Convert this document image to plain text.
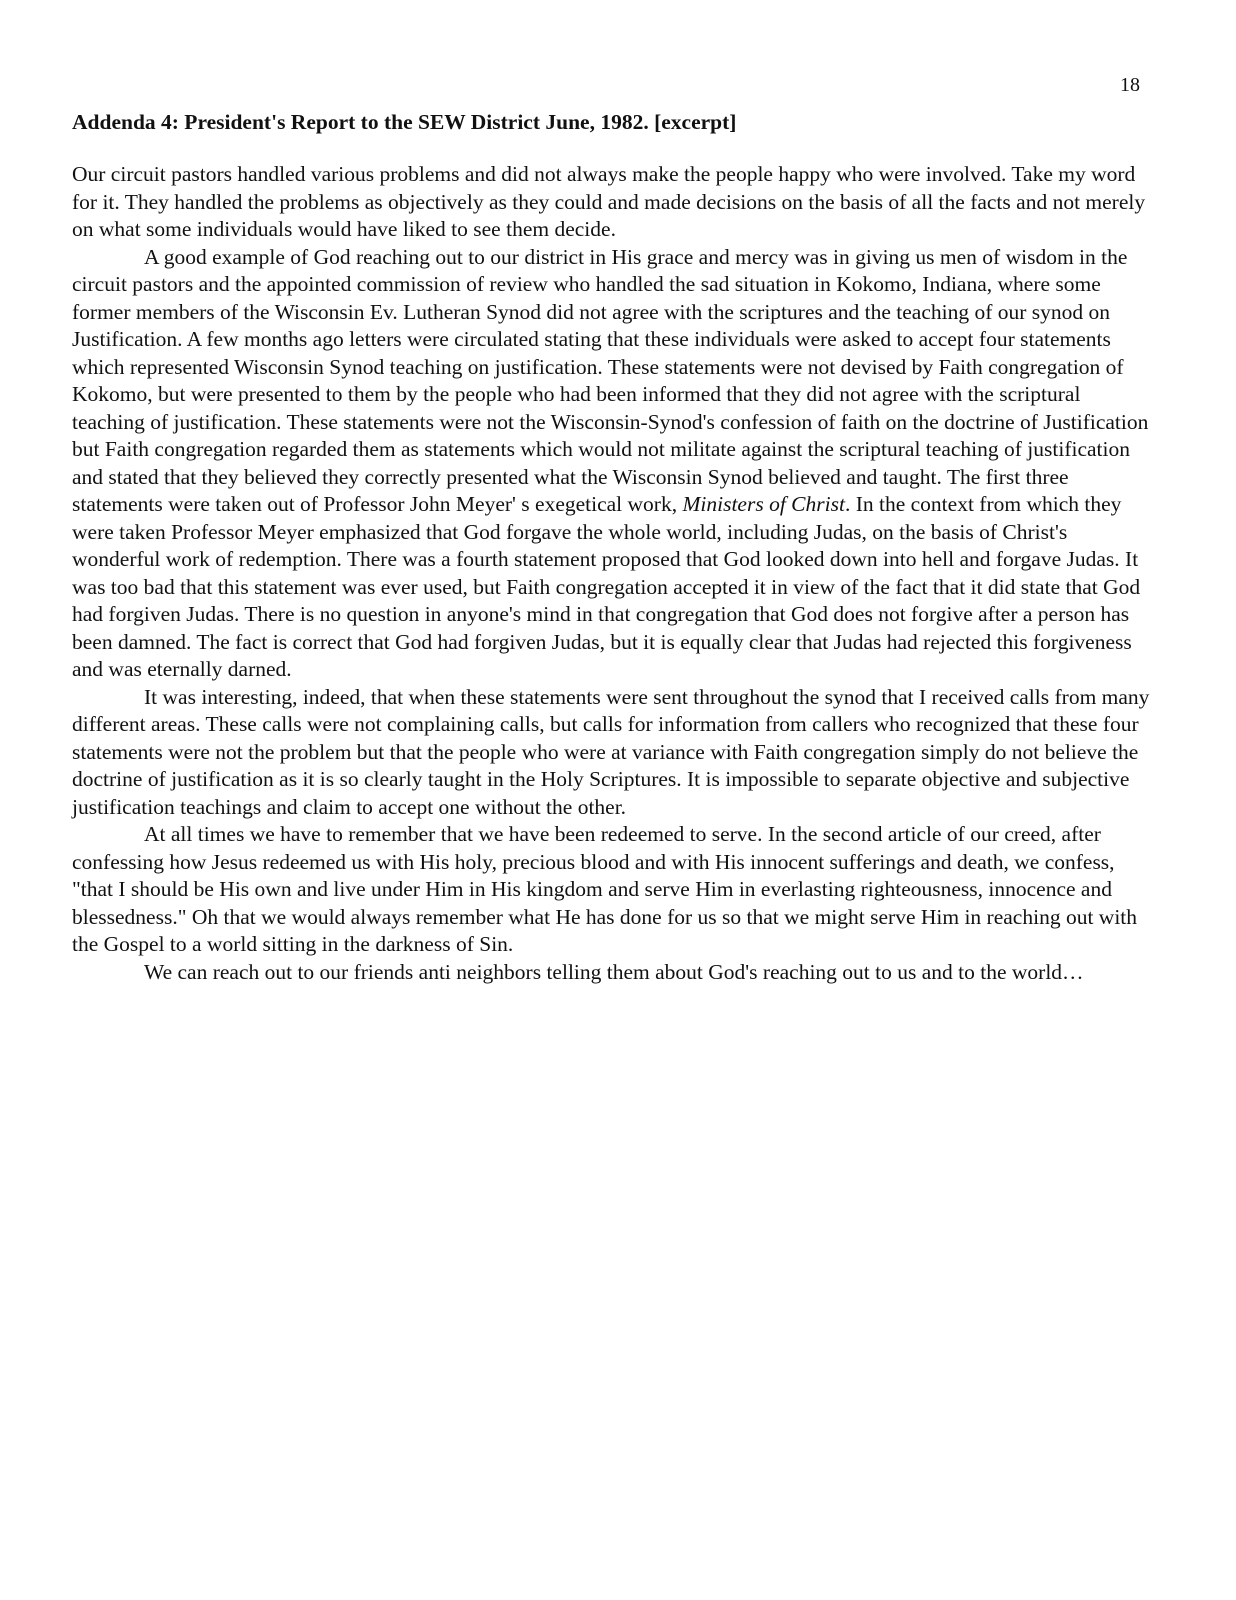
18

Addenda 4: President's Report to the SEW District June, 1982. [excerpt]

Our circuit pastors handled various problems and did not always make the people happy who were involved. Take my word for it. They handled the problems as objectively as they could and made decisions on the basis of all the facts and not merely on what some individuals would have liked to see them decide.

A good example of God reaching out to our district in His grace and mercy was in giving us men of wisdom in the circuit pastors and the appointed commission of review who handled the sad situation in Kokomo, Indiana, where some former members of the Wisconsin Ev. Lutheran Synod did not agree with the scriptures and the teaching of our synod on Justification. A few months ago letters were circulated stating that these individuals were asked to accept four statements which represented Wisconsin Synod teaching on justification. These statements were not devised by Faith congregation of Kokomo, but were presented to them by the people who had been informed that they did not agree with the scriptural teaching of justification. These statements were not the Wisconsin-Synod's confession of faith on the doctrine of Justification but Faith congregation regarded them as statements which would not militate against the scriptural teaching of justification and stated that they believed they correctly presented what the Wisconsin Synod believed and taught. The first three statements were taken out of Professor John Meyer' s exegetical work, Ministers of Christ. In the context from which they were taken Professor Meyer emphasized that God forgave the whole world, including Judas, on the basis of Christ's wonderful work of redemption. There was a fourth statement proposed that God looked down into hell and forgave Judas. It was too bad that this statement was ever used, but Faith congregation accepted it in view of the fact that it did state that God had forgiven Judas. There is no question in anyone's mind in that congregation that God does not forgive after a person has been damned. The fact is correct that God had forgiven Judas, but it is equally clear that Judas had rejected this forgiveness and was eternally darned.

It was interesting, indeed, that when these statements were sent throughout the synod that I received calls from many different areas. These calls were not complaining calls, but calls for information from callers who recognized that these four statements were not the problem but that the people who were at variance with Faith congregation simply do not believe the doctrine of justification as it is so clearly taught in the Holy Scriptures. It is impossible to separate objective and subjective justification teachings and claim to accept one without the other.

At all times we have to remember that we have been redeemed to serve. In the second article of our creed, after confessing how Jesus redeemed us with His holy, precious blood and with His innocent sufferings and death, we confess, "that I should be His own and live under Him in His kingdom and serve Him in everlasting righteousness, innocence and blessedness." Oh that we would always remember what He has done for us so that we might serve Him in reaching out with the Gospel to a world sitting in the darkness of Sin.

We can reach out to our friends anti neighbors telling them about God's reaching out to us and to the world…
